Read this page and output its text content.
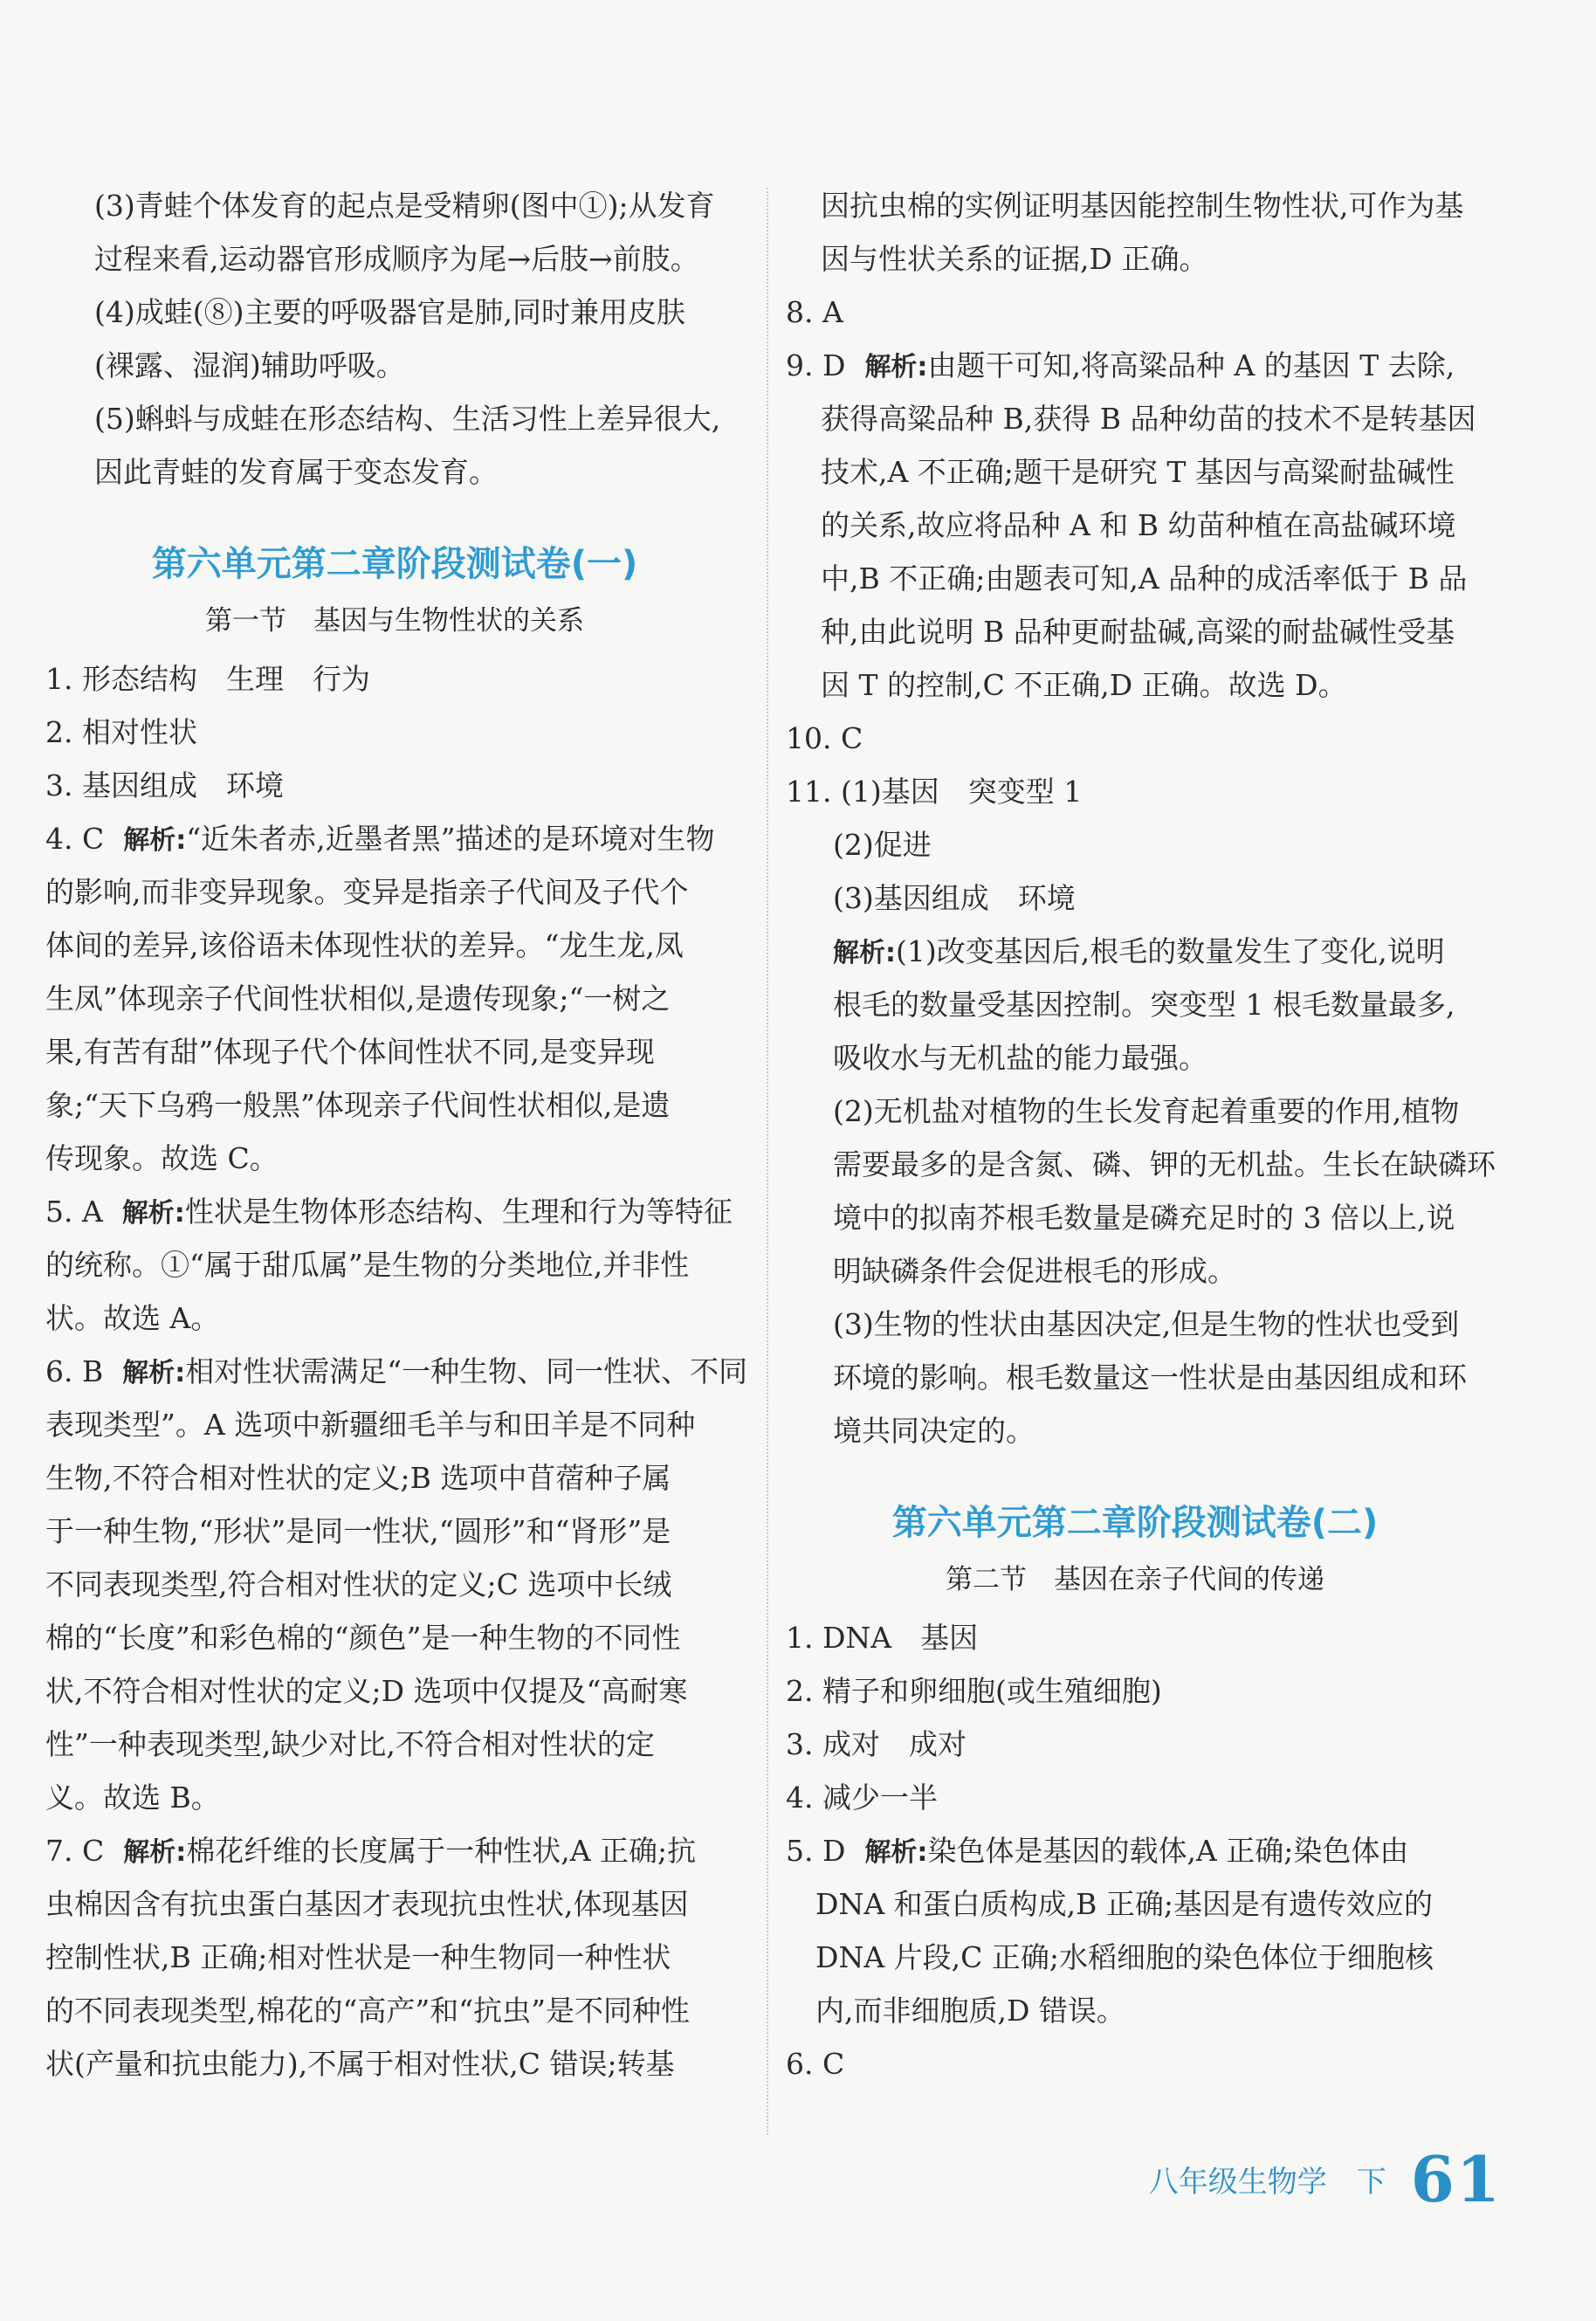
(3)青蛙个体发育的起点是受精卵(图中①);从发育
过程来看,运动器官形成顺序为尾→后肢→前肢。
(4)成蛙(⑧)主要的呼吸器官是肺,同时兼用皮肤
(裸露、湿润)辅助呼吸。
(5)蝌蚪与成蛙在形态结构、生活习性上差异很大,
因此青蛙的发育属于变态发育。
第六单元第二章阶段测试卷(一)
第一节　基因与生物性状的关系
1. 形态结构　生理　行为
2. 相对性状
3. 基因组成　环境
4. C 解析:“近朱者赤,近墨者黑”描述的是环境对生物
的影响,而非变异现象。变异是指亲子代间及子代个
体间的差异,该俗语未体现性状的差异。“龙生龙,凤
生凤”体现亲子代间性状相似,是遗传现象;“一树之
果,有苦有甜”体现子代个体间性状不同,是变异现
象;“天下乌鸦一般黑”体现亲子代间性状相似,是遗
传现象。故选 C。
5. A 解析:性状是生物体形态结构、生理和行为等特征
的统称。①“属于甜瓜属”是生物的分类地位,并非性
状。故选 A。
6. B 解析:相对性状需满足“一种生物、同一性状、不同
表现类型”。A 选项中新疆细毛羊与和田羊是不同种
生物,不符合相对性状的定义;B 选项中苜蓿种子属
于一种生物,“形状”是同一性状,“圆形”和“肾形”是
不同表现类型,符合相对性状的定义;C 选项中长绒
棉的“长度”和彩色棉的“颜色”是一种生物的不同性
状,不符合相对性状的定义;D 选项中仅提及“高耐寒
性”一种表现类型,缺少对比,不符合相对性状的定
义。故选 B。
7. C 解析:棉花纤维的长度属于一种性状,A 正确;抗
虫棉因含有抗虫蛋白基因才表现抗虫性状,体现基因
控制性状,B 正确;相对性状是一种生物同一种性状
的不同表现类型,棉花的“高产”和“抗虫”是不同种性
状(产量和抗虫能力),不属于相对性状,C 错误;转基
因抗虫棉的实例证明基因能控制生物性状,可作为基
因与性状关系的证据,D 正确。
8. A
9. D 解析:由题干可知,将高粱品种 A 的基因 T 去除,
获得高粱品种 B,获得 B 品种幼苗的技术不是转基因
技术,A 不正确;题干是研究 T 基因与高粱耐盐碱性
的关系,故应将品种 A 和 B 幼苗种植在高盐碱环境
中,B 不正确;由题表可知,A 品种的成活率低于 B 品
种,由此说明 B 品种更耐盐碱,高粱的耐盐碱性受基
因 T 的控制,C 不正确,D 正确。故选 D。
10. C
11. (1)基因　突变型 1
(2)促进
(3)基因组成　环境
解析:(1)改变基因后,根毛的数量发生了变化,说明
根毛的数量受基因控制。突变型 1 根毛数量最多,
吸收水与无机盐的能力最强。
(2)无机盐对植物的生长发育起着重要的作用,植物
需要最多的是含氮、磷、钾的无机盐。生长在缺磷环
境中的拟南芥根毛数量是磷充足时的 3 倍以上,说
明缺磷条件会促进根毛的形成。
(3)生物的性状由基因决定,但是生物的性状也受到
环境的影响。根毛数量这一性状是由基因组成和环
境共同决定的。
第六单元第二章阶段测试卷(二)
第二节　基因在亲子代间的传递
1. DNA　基因
2. 精子和卵细胞(或生殖细胞)
3. 成对　成对
4. 减少一半
5. D 解析:染色体是基因的载体,A 正确;染色体由
DNA 和蛋白质构成,B 正确;基因是有遗传效应的
DNA 片段,C 正确;水稻细胞的染色体位于细胞核
内,而非细胞质,D 错误。
6. C
八年级生物学　下 61
